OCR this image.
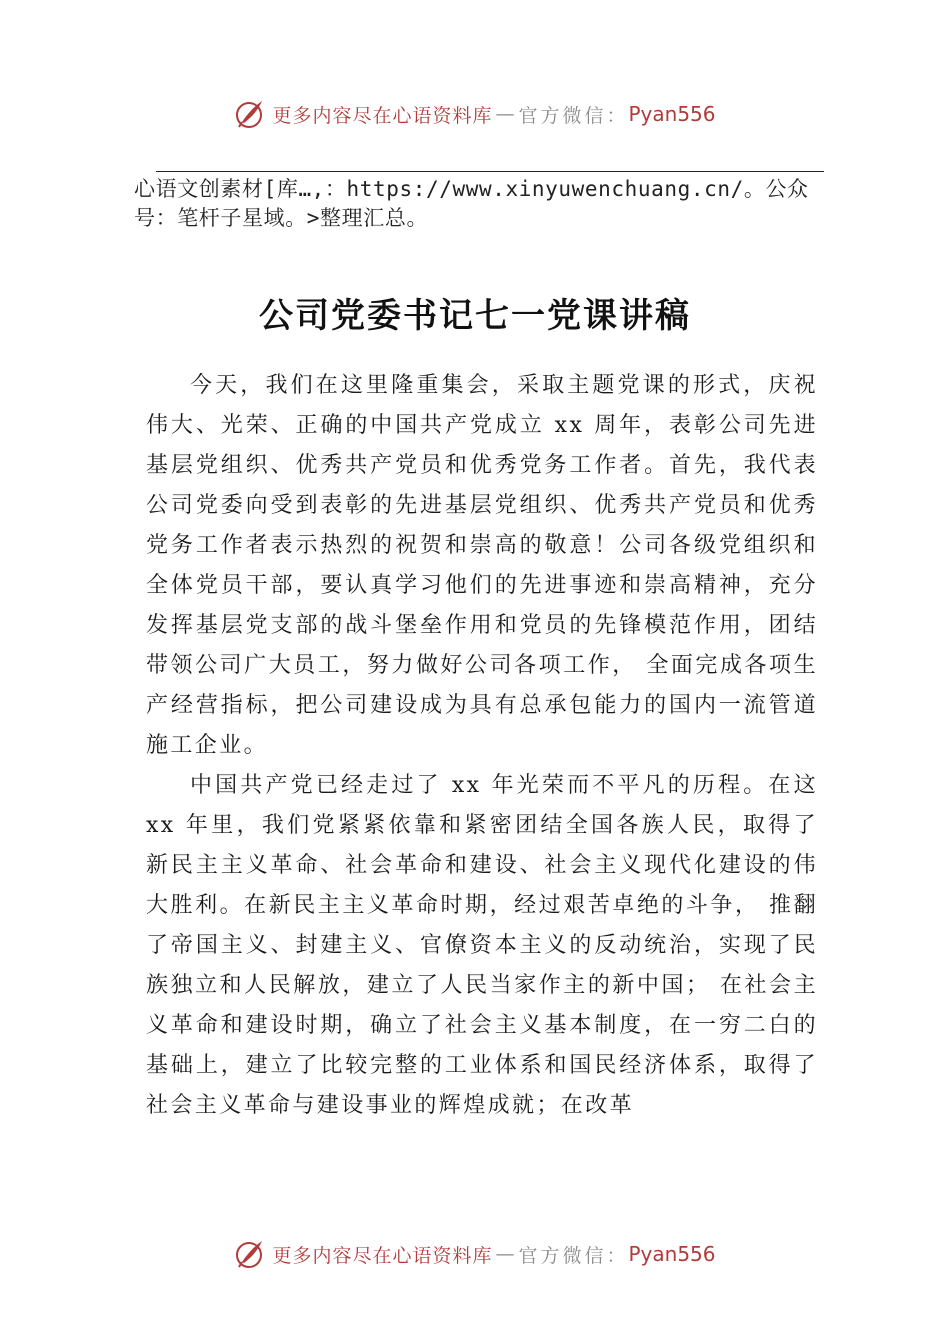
更多内容尽在心语资料库 — 官方微信： Pyan556
心语文创素材[库…,：https://www.xinyuwenchuang.cn/。公众号：笔杆子星域。>整理汇总。
公司党委书记七一党课讲稿

今天，我们在这里隆重集会，采取主题党课的形式，庆祝伟大、光荣、正确的中国共产党成立 xx 周年，表彰公司先进基层党组织、优秀共产党员和优秀党务工作者。首先，我代表公司党委向受到表彰的先进基层党组织、优秀共产党员和优秀党务工作者表示热烈的祝贺和崇高的敬意！公司各级党组织和全体党员干部，要认真学习他们的先进事迹和崇高精神，充分发挥基层党支部的战斗堡垒作用和党员的先锋模范作用，团结带领公司广大员工，努力做好公司各项工作， 全面完成各项生产经营指标，把公司建设成为具有总承包能力的国内一流管道施工企业。

中国共产党已经走过了 xx 年光荣而不平凡的历程。在这 xx 年里，我们党紧紧依靠和紧密团结全国各族人民，取得了新民主主义革命、社会革命和建设、社会主义现代化建设的伟大胜利。在新民主主义革命时期，经过艰苦卓绝的斗争， 推翻了帝国主义、封建主义、官僚资本主义的反动统治，实现了民族独立和人民解放，建立了人民当家作主的新中国； 在社会主义革命和建设时期，确立了社会主义基本制度，在一穷二白的基础上，建立了比较完整的工业体系和国民经济体系，取得了社会主义革命与建设事业的辉煌成就；在改革

更多内容尽在心语资料库 — 官方微信： Pyan556
